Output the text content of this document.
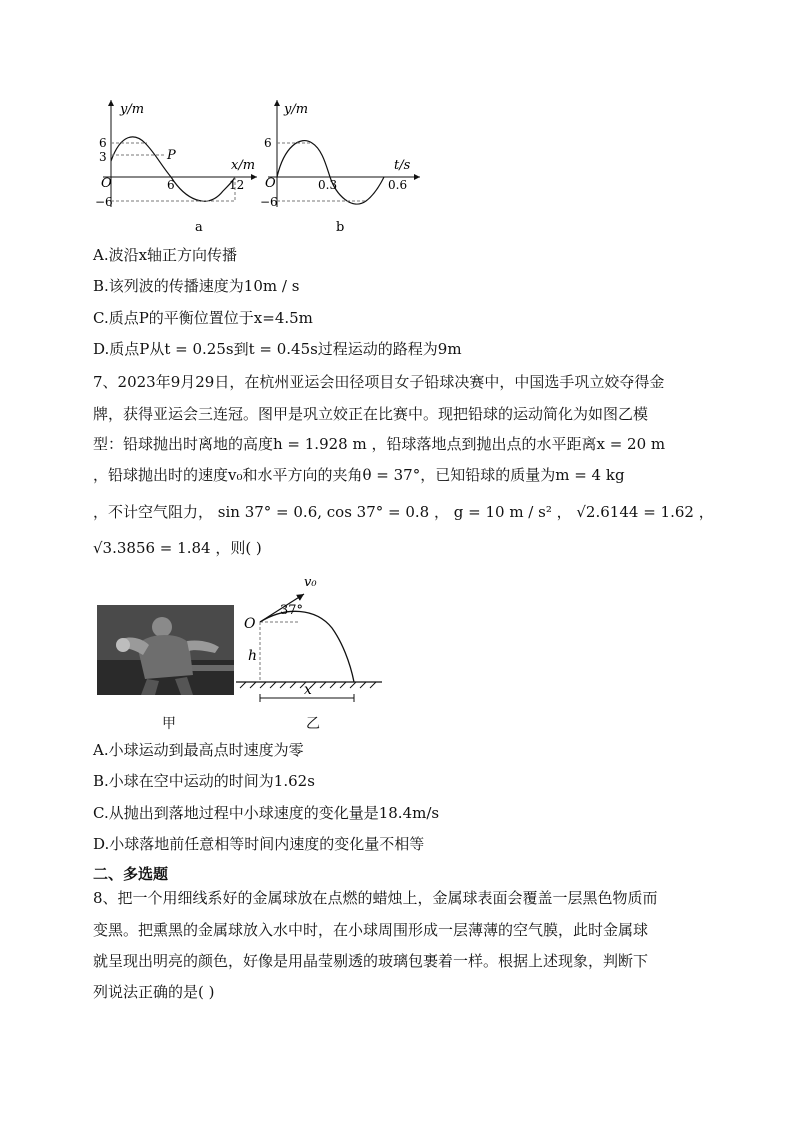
y/m
6
3	P
x/m
O	6	12
−6
a
y/m
6
t/s
O	0.3	0.6
−6
b
A.波沿x轴正方向传播
B.该列波的传播速度为10m / s
C.质点P的平衡位置位于x=4.5m
D.质点P从t = 0.25s到t = 0.45s过程运动的路程为9m
7、2023年9月29日，在杭州亚运会田径项目女子铅球决赛中，中国选手巩立姣夺得金
牌，获得亚运会三连冠。图甲是巩立姣正在比赛中。现把铅球的运动简化为如图乙模
型：铅球抛出时离地的高度h = 1.928 m ，铅球落地点到抛出点的水平距离x = 20 m
，铅球抛出时的速度v₀和水平方向的夹角θ = 37°，已知铅球的质量为m = 4 kg
，不计空气阻力， sin 37° = 0.6, cos 37° = 0.8 ， g = 10 m / s² ， √2.6144 = 1.62 ，
√3.3856 = 1.84 ，则( )
甲
v₀
37°
O
h
x
乙
A.小球运动到最高点时速度为零
B.小球在空中运动的时间为1.62s
C.从抛出到落地过程中小球速度的变化量是18.4m/s
D.小球落地前任意相等时间内速度的变化量不相等
二、多选题
8、把一个用细线系好的金属球放在点燃的蜡烛上，金属球表面会覆盖一层黑色物质而
变黑。把熏黑的金属球放入水中时，在小球周围形成一层薄薄的空气膜，此时金属球
就呈现出明亮的颜色，好像是用晶莹剔透的玻璃包裹着一样。根据上述现象，判断下
列说法正确的是( )
